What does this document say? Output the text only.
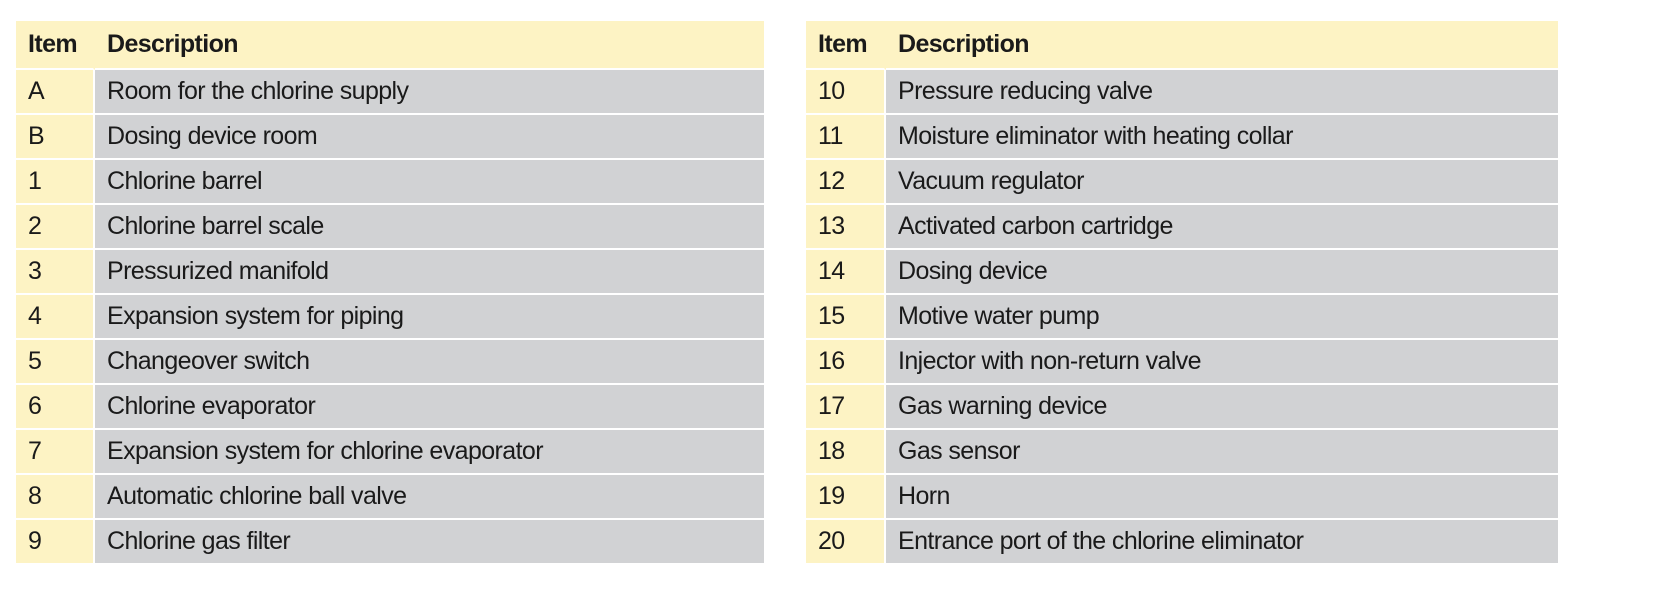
Item	Description
A	Room for the chlorine supply
B	Dosing device room
1	Chlorine barrel
2	Chlorine barrel scale
3	Pressurized manifold
4	Expansion system for piping
5	Changeover switch
6	Chlorine evaporator
7	Expansion system for chlorine evaporator
8	Automatic chlorine ball valve
9	Chlorine gas filter
Item	Description
10	Pressure reducing valve
11	Moisture eliminator with heating collar
12	Vacuum regulator
13	Activated carbon cartridge
14	Dosing device
15	Motive water pump
16	Injector with non-return valve
17	Gas warning device
18	Gas sensor
19	Horn
20	Entrance port of the chlorine eliminator
